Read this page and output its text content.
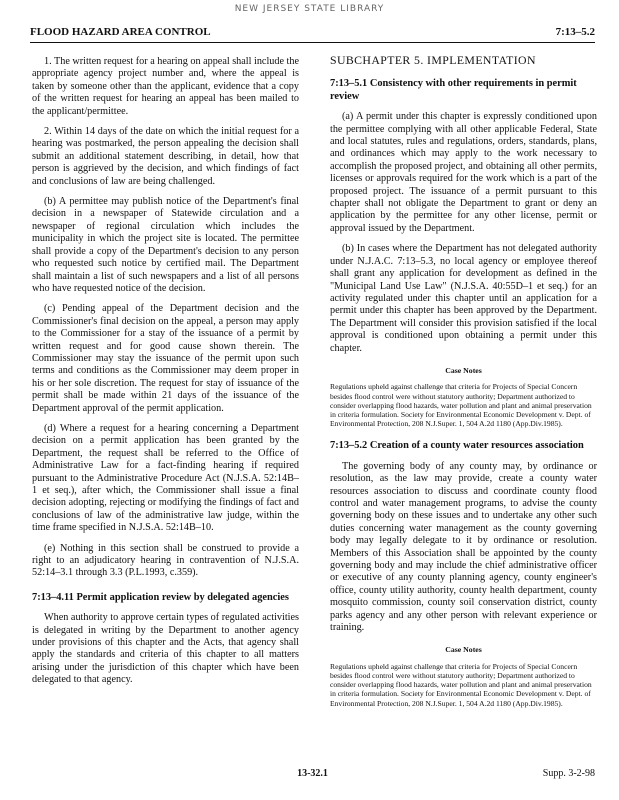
NEW JERSEY STATE LIBRARY
FLOOD HAZARD AREA CONTROL	7:13–5.2

1. The written request for a hearing on appeal shall include the appropriate agency project number and, where the appeal is taken by someone other than the applicant, evidence that a copy of the written request for hearing an appeal has been mailed to the applicant/permittee.

2. Within 14 days of the date on which the initial request for a hearing was postmarked, the person appealing the decision shall submit an additional statement describing, in detail, how that person is aggrieved by the decision, and which findings of fact and conclusions of law are being challenged.

(b) A permittee may publish notice of the Department's final decision in a newspaper of Statewide circulation and a newspaper of regional circulation which includes the municipality in which the project site is located. The permittee shall provide a copy of the Department's decision to any person who requested such notice by certified mail. The Department shall maintain a list of such newspapers and a list of all persons who have requested notice of the decision.

(c) Pending appeal of the Department decision and the Commissioner's final decision on the appeal, a person may apply to the Commissioner for a stay of the issuance of a permit by written request and for good cause shown therein. The Commissioner may stay the issuance of the permit upon such terms and conditions as the Commissioner may deem proper in his or her sole discretion. The request for stay of issuance of the permit shall be made within 21 days of the issuance of the Department approval of the permit application.

(d) Where a request for a hearing concerning a Department decision on a permit application has been granted by the Department, the request shall be referred to the Office of Administrative Law for a fact-finding hearing if required pursuant to the Administrative Procedure Act (N.J.S.A. 52:14B–1 et seq.), after which, the Commissioner shall issue a final decision adopting, rejecting or modifying the findings of fact and conclusions of law of the administrative law judge, within the time frame specified in N.J.S.A. 52:14B–10.

(e) Nothing in this section shall be construed to provide a right to an adjudicatory hearing in contravention of N.J.S.A. 52:14–3.1 through 3.3 (P.L.1993, c.359).

7:13–4.11 Permit application review by delegated agencies

When authority to approve certain types of regulated activities is delegated in writing by the Department to another agency under provisions of this chapter and the Acts, that agency shall apply the standards and criteria of this chapter to all matters arising under the jurisdiction of this chapter which have been delegated to that agency.

SUBCHAPTER 5. IMPLEMENTATION
7:13–5.1 Consistency with other requirements in permit review

(a) A permit under this chapter is expressly conditioned upon the permittee complying with all other applicable Federal, State and local statutes, rules and regulations, orders, standards, plans, and ordinances which may apply to the work necessary to accomplish the proposed project, and obtaining all other permits, licenses or approvals required for the work which is a part of the proposed project. The issuance of a permit pursuant to this chapter shall not obligate the Department to grant or deny an application by the permittee for any other license, permit or approval issued by the Department.

(b) In cases where the Department has not delegated authority under N.J.A.C. 7:13–5.3, no local agency or employee thereof shall grant any application for development as defined in the "Municipal Land Use Law" (N.J.S.A. 40:55D–1 et seq.) for an activity regulated under this chapter until an application for a permit under this chapter has been approved by the Department. The Department will consider this provision satisfied if the local approval is conditioned upon obtaining a permit under this chapter.

Case Notes
Regulations upheld against challenge that criteria for Projects of Special Concern besides flood control were without statutory authority; Department authorized to consider overlapping flood hazards, water pollution and plant and animal preservation in criteria formulation. Society for Environmental Economic Development v. Dept. of Environmental Protection, 208 N.J.Super. 1, 504 A.2d 1180 (App.Div.1985).
7:13–5.2 Creation of a county water resources association

The governing body of any county may, by ordinance or resolution, as the law may provide, create a county water resources association to discuss and coordinate county flood control and water management programs, to advise the county governing body on these issues and to undertake any other such duties concerning water management as the county governing body may legally delegate to it by ordinance or resolution. Members of this Association shall be appointed by the county governing body and may include the chief administrative officer or executive of any county planning agency, county engineer's office, county utility authority, county health department, county mosquito commission, county soil conservation district, county parks agency and any other person with relevant experience or training.

Case Notes
Regulations upheld against challenge that criteria for Projects of Special Concern besides flood control were without statutory authority; Department authorized to consider overlapping flood hazards, water pollution and plant and animal preservation in criteria formulation. Society for Environmental Economic Development v. Dept. of Environmental Protection, 208 N.J.Super. 1, 504 A.2d 1180 (App.Div.1985).
13-32.1	Supp. 3-2-98
